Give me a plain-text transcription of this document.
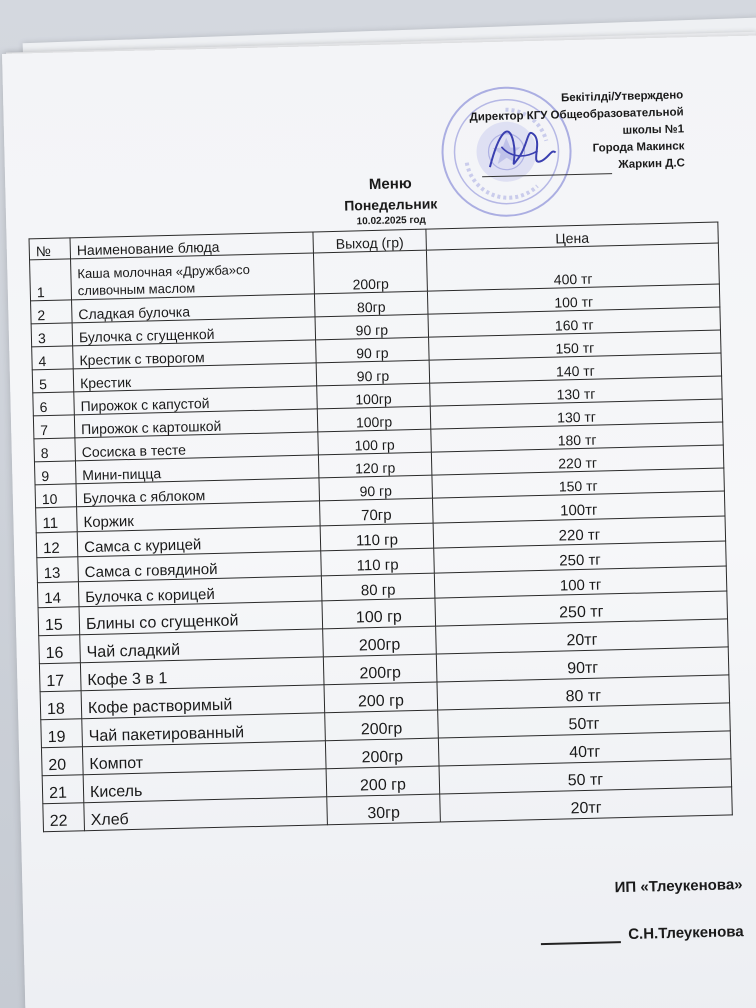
Бекітілді/Утверждено
Директор КГУ Общеобразовательной
школы №1
Города Макинск
Жаркин Д.С
Меню
Понедельник
10.02.2025 год
№	Наименование блюда	Выход (гр)	Цена
1	Каша молочная «Дружба»со сливочным маслом	200гр	400 тг
2	Сладкая булочка	80гр	100 тг
3	Булочка с сгущенкой	90 гр	160 тг
4	Крестик с творогом	90 гр	150 тг
5	Крестик	90 гр	140 тг
6	Пирожок с капустой	100гр	130 тг
7	Пирожок с картошкой	100гр	130 тг
8	Сосиска в тесте	100 гр	180 тг
9	Мини-пицца	120 гр	220 тг
10	Булочка с яблоком	90 гр	150 тг
11	Коржик	70гр	100тг
12	Самса с курицей	110 гр	220 тг
13	Самса с говядиной	110 гр	250 тг
14	Булочка с корицей	80 гр	100 тг
15	Блины со сгущенкой	100 гр	250 тг
16	Чай сладкий	200гр	20тг
17	Кофе 3 в 1	200гр	90тг
18	Кофе растворимый	200 гр	80 тг
19	Чай пакетированный	200гр	50тг
20	Компот	200гр	40тг
21	Кисель	200 гр	50 тг
22	Хлеб	30гр	20тг
ИП «Тлеукенова»
С.Н.Тлеукенова
